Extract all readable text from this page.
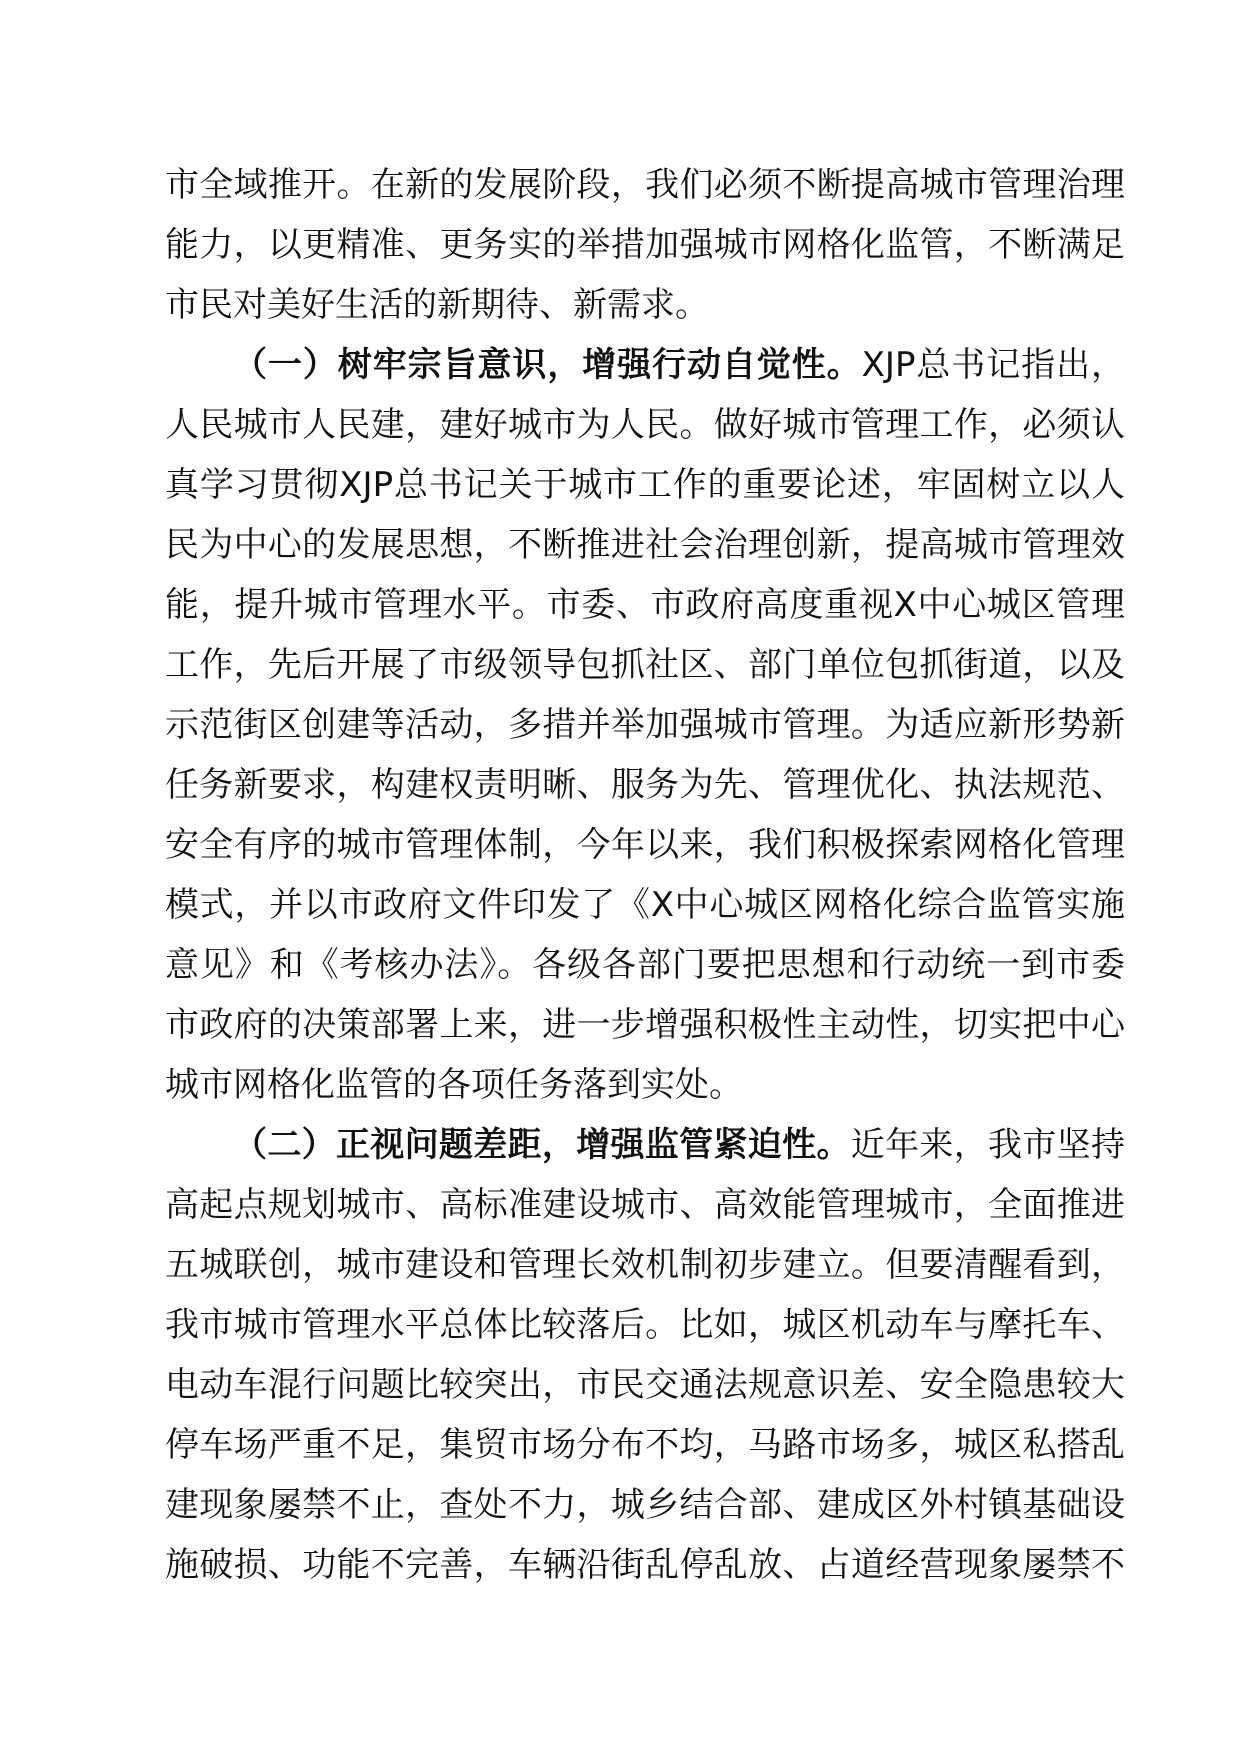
市全域推开。在新的发展阶段，我们必须不断提高城市管理治理
能力，以更精准、更务实的举措加强城市网格化监管，不断满足
市民对美好生活的新期待、新需求。
（一）树牢宗旨意识，增强行动自觉性。XJP总书记指出，
人民城市人民建，建好城市为人民。做好城市管理工作，必须认
真学习贯彻XJP总书记关于城市工作的重要论述，牢固树立以人
民为中心的发展思想，不断推进社会治理创新，提高城市管理效
能，提升城市管理水平。市委、市政府高度重视X中心城区管理
工作，先后开展了市级领导包抓社区、部门单位包抓街道，以及
示范街区创建等活动，多措并举加强城市管理。为适应新形势新
任务新要求，构建权责明晰、服务为先、管理优化、执法规范、
安全有序的城市管理体制，今年以来，我们积极探索网格化管理
模式，并以市政府文件印发了《X中心城区网格化综合监管实施
意见》和《考核办法》。各级各部门要把思想和行动统一到市委
市政府的决策部署上来，进一步增强积极性主动性，切实把中心
城市网格化监管的各项任务落到实处。
（二）正视问题差距，增强监管紧迫性。近年来，我市坚持
高起点规划城市、高标准建设城市、高效能管理城市，全面推进
五城联创，城市建设和管理长效机制初步建立。但要清醒看到，
我市城市管理水平总体比较落后。比如，城区机动车与摩托车、
电动车混行问题比较突出，市民交通法规意识差、安全隐患较大
停车场严重不足，集贸市场分布不均，马路市场多，城区私搭乱
建现象屡禁不止，查处不力，城乡结合部、建成区外村镇基础设
施破损、功能不完善，车辆沿街乱停乱放、占道经营现象屡禁不
